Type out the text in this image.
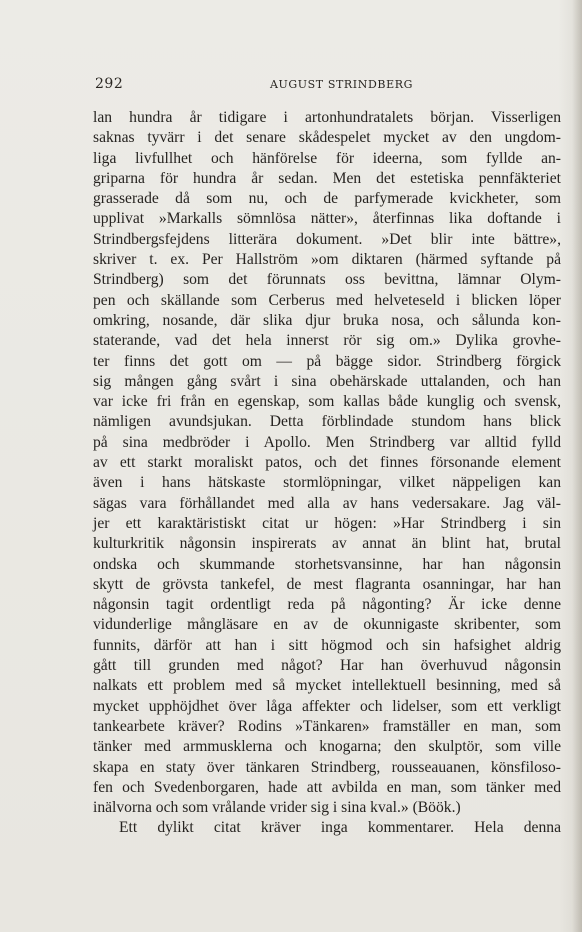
292	AUGUST STRINDBERG
lan hundra år tidigare i artonhundratalets början. Visserligen
saknas tyvärr i det senare skådespelet mycket av den ungdom-
liga livfullhet och hänförelse för ideerna, som fyllde an-
griparna för hundra år sedan. Men det estetiska pennfäkteriet
grasserade då som nu, och de parfymerade kvickheter, som
upplivat »Markalls sömnlösa nätter», återfinnas lika doftande i
Strindbergsfejdens litterära dokument. »Det blir inte bättre»,
skriver t. ex. Per Hallström »om diktaren (härmed syftande på
Strindberg) som det förunnats oss bevittna, lämnar Olym-
pen och skällande som Cerberus med helveteseld i blicken löper
omkring, nosande, där slika djur bruka nosa, och sålunda kon-
staterande, vad det hela innerst rör sig om.» Dylika grovhe-
ter finns det gott om — på bägge sidor. Strindberg förgick
sig mången gång svårt i sina obehärskade uttalanden, och han
var icke fri från en egenskap, som kallas både kunglig och svensk,
nämligen avundsjukan. Detta förblindade stundom hans blick
på sina medbröder i Apollo. Men Strindberg var alltid fylld
av ett starkt moraliskt patos, och det finnes försonande element
även i hans hätskaste stormlöpningar, vilket näppeligen kan
sägas vara förhållandet med alla av hans vedersakare. Jag väl-
jer ett karaktäristiskt citat ur högen: »Har Strindberg i sin
kulturkritik någonsin inspirerats av annat än blint hat, brutal
ondska och skummande storhetsvansinne, har han någonsin
skytt de grövsta tankefel, de mest flagranta osanningar, har han
någonsin tagit ordentligt reda på någonting? Är icke denne
vidunderlige mångläsare en av de okunnigaste skribenter, som
funnits, därför att han i sitt högmod och sin hafsighet aldrig
gått till grunden med något? Har han överhuvud någonsin
nalkats ett problem med så mycket intellektuell besinning, med så
mycket upphöjdhet över låga affekter och lidelser, som ett verkligt
tankearbete kräver? Rodins »Tänkaren» framställer en man, som
tänker med armmusklerna och knogarna; den skulptör, som ville
skapa en staty över tänkaren Strindberg, rousseauanen, könsfiloso-
fen och Svedenborgaren, hade att avbilda en man, som tänker med
inälvorna och som vrålande vrider sig i sina kval.» (Böök.)
Ett dylikt citat kräver inga kommentarer. Hela denna
